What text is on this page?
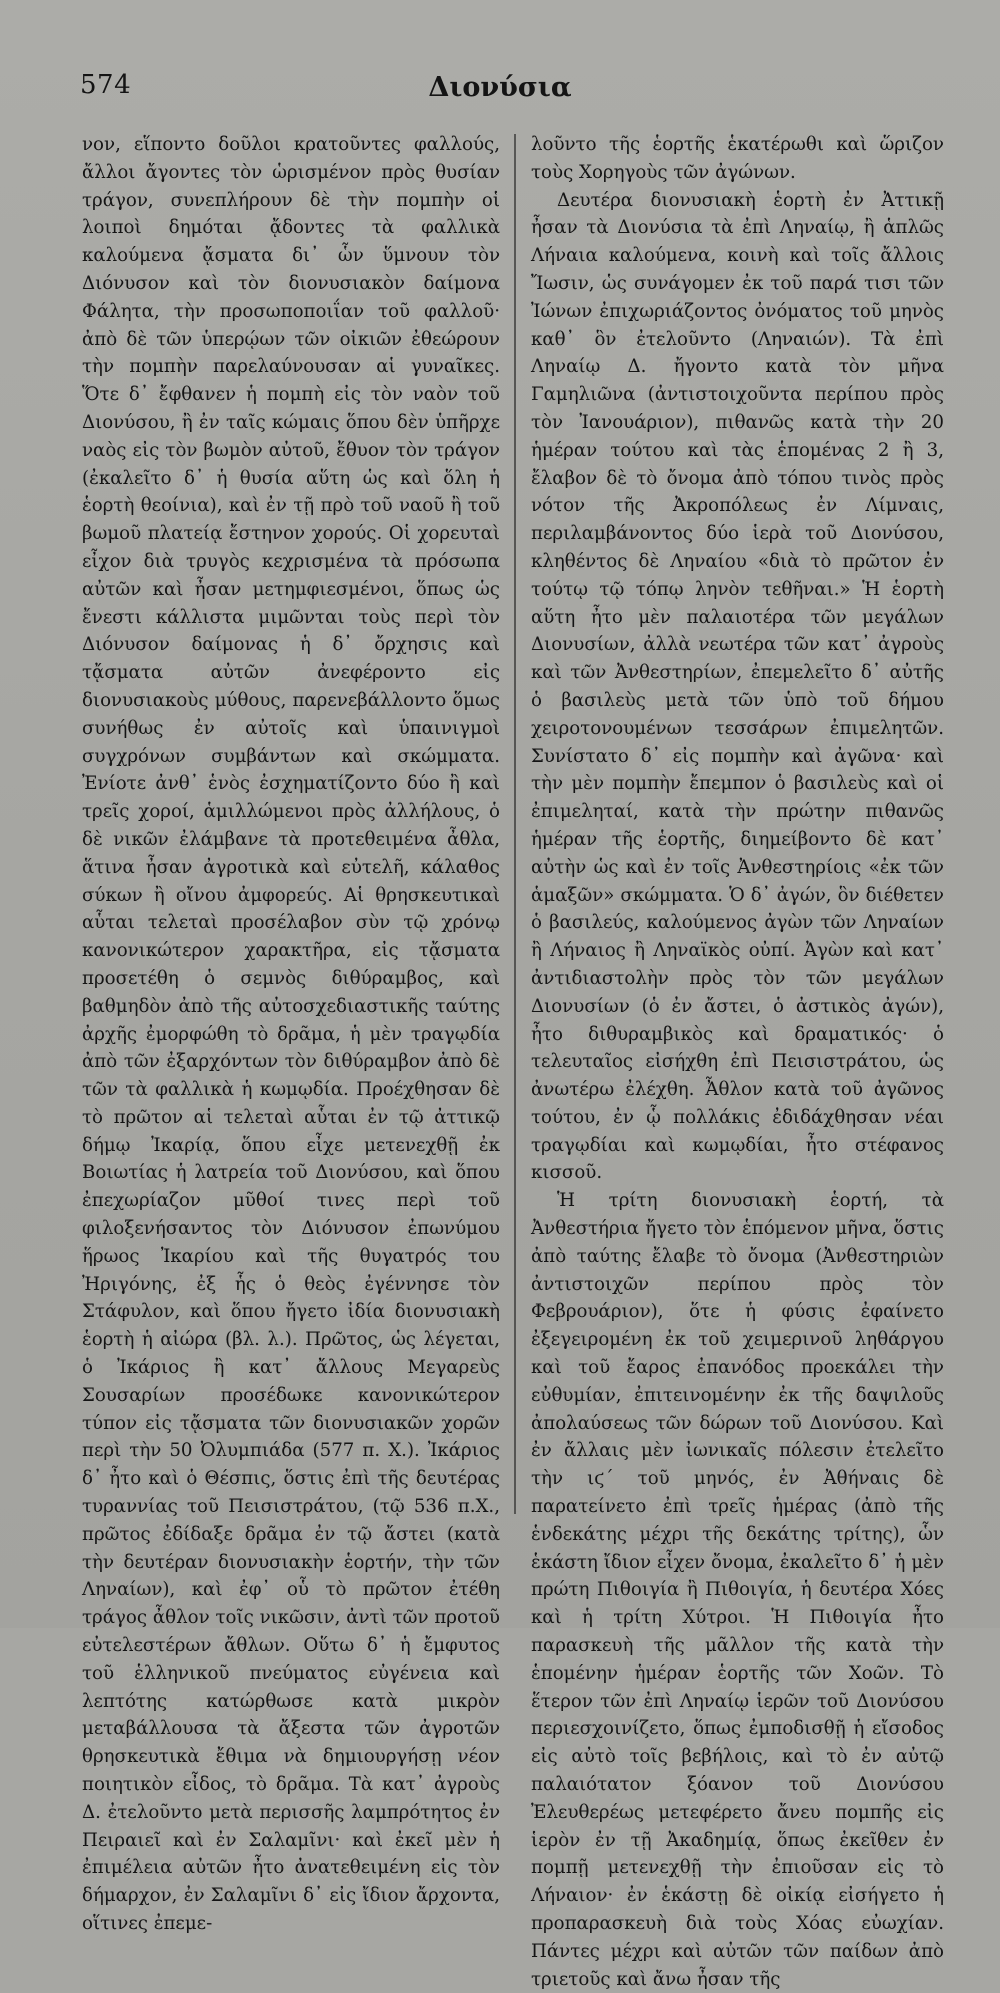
574	Διονύσια

νον, εἵποντο δοῦλοι κρατοῦντες φαλλούς, ἄλλοι ἄγοντες τὸν ὡρισμένον πρὸς θυσίαν τράγον, συνεπλήρουν δὲ τὴν πομπὴν οἱ λοιποὶ δημόται ᾄδοντες τὰ φαλλικὰ καλούμενα ᾄσματα δι᾽ ὧν ὕμνουν τὸν Διόνυσον καὶ τὸν διονυσιακὸν δαίμονα Φάλητα, τὴν προσωποποιΐαν τοῦ φαλλοῦ· ἀπὸ δὲ τῶν ὑπερῴων τῶν οἰκιῶν ἐθεώρουν τὴν πομπὴν παρελαύνουσαν αἱ γυναῖκες. Ὅτε δ᾽ ἔφθανεν ἡ πομπὴ εἰς τὸν ναὸν τοῦ Διονύσου, ἢ ἐν ταῖς κώμαις ὅπου δὲν ὑπῆρχε ναὸς εἰς τὸν βωμὸν αὐτοῦ, ἔθυον τὸν τράγον (ἐκαλεῖτο δ᾽ ἡ θυσία αὕτη ὡς καὶ ὅλη ἡ ἑορτὴ θεοίνια), καὶ ἐν τῇ πρὸ τοῦ ναοῦ ἢ τοῦ βωμοῦ πλατείᾳ ἔστηνον χορούς. Οἱ χορευταὶ εἶχον διὰ τρυγὸς κεχρισμένα τὰ πρόσωπα αὐτῶν καὶ ἦσαν μετημφιεσμένοι, ὅπως ὡς ἔνεστι κάλλιστα μιμῶνται τοὺς περὶ τὸν Διόνυσον δαίμονας ἡ δ᾽ ὄρχησις καὶ τᾄσματα αὐτῶν ἀνεφέροντο εἰς διονυσιακοὺς μύθους, παρενεβάλλοντο ὅμως συνήθως ἐν αὐτοῖς καὶ ὑπαινιγμοὶ συγχρόνων συμβάντων καὶ σκώμματα. Ἐνίοτε ἀνθ᾽ ἑνὸς ἐσχηματίζοντο δύο ἢ καὶ τρεῖς χοροί, ἁμιλλώμενοι πρὸς ἀλλήλους, ὁ δὲ νικῶν ἐλάμβανε τὰ προτεθειμένα ἆθλα, ἅτινα ἦσαν ἀγροτικὰ καὶ εὐτελῆ, κάλαθος σύκων ἢ οἴνου ἀμφορεύς. Αἱ θρησκευτικαὶ αὗται τελεταὶ προσέλαβον σὺν τῷ χρόνῳ κανονικώτερον χαρακτῆρα, εἰς τᾄσματα προσετέθη ὁ σεμνὸς διθύραμβος, καὶ βαθμηδὸν ἀπὸ τῆς αὐτοσχεδιαστικῆς ταύτης ἀρχῆς ἐμορφώθη τὸ δρᾶμα, ἡ μὲν τραγῳδία ἀπὸ τῶν ἐξαρχόντων τὸν διθύραμβον ἀπὸ δὲ τῶν τὰ φαλλικὰ ἡ κωμῳδία. Προέχθησαν δὲ τὸ πρῶτον αἱ τελεταὶ αὗται ἐν τῷ ἀττικῷ δήμῳ Ἰκαρίᾳ, ὅπου εἶχε μετενεχθῇ ἐκ Βοιωτίας ἡ λατρεία τοῦ Διονύσου, καὶ ὅπου ἐπεχωρίαζον μῦθοί τινες περὶ τοῦ φιλοξενήσαντος τὸν Διόνυσον ἐπωνύμου ἥρωος Ἰκαρίου καὶ τῆς θυγατρός του Ἠριγόνης, ἐξ ἧς ὁ θεὸς ἐγέννησε τὸν Στάφυλον, καὶ ὅπου ἤγετο ἰδία διονυσιακὴ ἑορτὴ ἡ αἰώρα (βλ. λ.). Πρῶτος, ὡς λέγεται, ὁ Ἰκάριος ἢ κατ᾽ ἄλλους Μεγαρεὺς Σουσαρίων προσέδωκε κανονικώτερον τύπον εἰς τᾄσματα τῶν διονυσιακῶν χορῶν περὶ τὴν 50 Ὀλυμπιάδα (577 π. Χ.). Ἰκάριος δ᾽ ἦτο καὶ ὁ Θέσπις, ὅστις ἐπὶ τῆς δευτέρας τυραννίας τοῦ Πεισιστράτου, (τῷ 536 π.Χ., πρῶτος ἐδίδαξε δρᾶμα ἐν τῷ ἄστει (κατὰ τὴν δευτέραν διονυσιακὴν ἑορτήν, τὴν τῶν Ληναίων), καὶ ἐφ᾽ οὗ τὸ πρῶτον ἐτέθη τράγος ἆθλον τοῖς νικῶσιν, ἀντὶ τῶν προτοῦ εὐτελεστέρων ἄθλων. Οὕτω δ᾽ ἡ ἔμφυτος τοῦ ἑλληνικοῦ πνεύματος εὐγένεια καὶ λεπτότης κατώρθωσε κατὰ μικρὸν μεταβάλλουσα τὰ ἄξεστα τῶν ἀγροτῶν θρησκευτικὰ ἔθιμα νὰ δημιουργήσῃ νέον ποιητικὸν εἶδος, τὸ δρᾶμα. Τὰ κατ᾽ ἀγροὺς Δ. ἐτελοῦντο μετὰ περισσῆς λαμπρότητος ἐν Πειραιεῖ καὶ ἐν Σαλαμῖνι· καὶ ἐκεῖ μὲν ἡ ἐπιμέλεια αὐτῶν ἦτο ἀνατεθειμένη εἰς τὸν δήμαρχον, ἐν Σαλαμῖνι δ᾽ εἰς ἴδιον ἄρχοντα, οἵτινες ἐπεμε-

λοῦντο τῆς ἑορτῆς ἑκατέρωθι καὶ ὥριζον τοὺς Χορηγοὺς τῶν ἀγώνων.

Δευτέρα διονυσιακὴ ἑορτὴ ἐν Ἀττικῇ ἦσαν τὰ Διονύσια τὰ ἐπὶ Ληναίῳ, ἢ ἁπλῶς Λήναια καλούμενα, κοινὴ καὶ τοῖς ἄλλοις Ἴωσιν, ὡς συνάγομεν ἐκ τοῦ παρά τισι τῶν Ἰώνων ἐπιχωριάζοντος ὀνόματος τοῦ μηνὸς καθ᾽ ὃν ἐτελοῦντο (Ληναιών). Τὰ ἐπὶ Ληναίῳ Δ. ἤγοντο κατὰ τὸν μῆνα Γαμηλιῶνα (ἀντιστοιχοῦντα περίπου πρὸς τὸν Ἰανουάριον), πιθανῶς κατὰ τὴν 20 ἡμέραν τούτου καὶ τὰς ἑπομένας 2 ἢ 3, ἔλαβον δὲ τὸ ὄνομα ἀπὸ τόπου τινὸς πρὸς νότον τῆς Ἀκροπόλεως ἐν Λίμναις, περιλαμβάνοντος δύο ἱερὰ τοῦ Διονύσου, κληθέντος δὲ Ληναίου «διὰ τὸ πρῶτον ἐν τούτῳ τῷ τόπῳ ληνὸν τεθῆναι.» Ἡ ἑορτὴ αὕτη ἦτο μὲν παλαιοτέρα τῶν μεγάλων Διονυσίων, ἀλλὰ νεωτέρα τῶν κατ᾽ ἀγροὺς καὶ τῶν Ἀνθεστηρίων, ἐπεμελεῖτο δ᾽ αὐτῆς ὁ βασιλεὺς μετὰ τῶν ὑπὸ τοῦ δήμου χειροτονουμένων τεσσάρων ἐπιμελητῶν. Συνίστατο δ᾽ εἰς πομπὴν καὶ ἀγῶνα· καὶ τὴν μὲν πομπὴν ἔπεμπον ὁ βασιλεὺς καὶ οἱ ἐπιμεληταί, κατὰ τὴν πρώτην πιθανῶς ἡμέραν τῆς ἑορτῆς, διημείβοντο δὲ κατ᾽ αὐτὴν ὡς καὶ ἐν τοῖς Ἀνθεστηρίοις «ἐκ τῶν ἁμαξῶν» σκώμματα. Ὁ δ᾽ ἀγών, ὃν διέθετεν ὁ βασιλεύς, καλούμενος ἀγὼν τῶν Ληναίων ἢ Λήναιος ἢ Ληναϊκὸς οὐπί. Ἀγὼν καὶ κατ᾽ ἀντιδιαστολὴν πρὸς τὸν τῶν μεγάλων Διονυσίων (ὁ ἐν ἄστει, ὁ ἀστικὸς ἀγών), ἦτο διθυραμβικὸς καὶ δραματικός· ὁ τελευταῖος εἰσήχθη ἐπὶ Πεισιστράτου, ὡς ἀνωτέρω ἐλέχθη. Ἆθλον κατὰ τοῦ ἀγῶνος τούτου, ἐν ᾧ πολλάκις ἐδιδάχθησαν νέαι τραγῳδίαι καὶ κωμῳδίαι, ἦτο στέφανος κισσοῦ.

Ἡ τρίτη διονυσιακὴ ἑορτή, τὰ Ἀνθεστήρια ἤγετο τὸν ἑπόμενον μῆνα, ὅστις ἀπὸ ταύτης ἔλαβε τὸ ὄνομα (Ἀνθεστηριὼν ἀντιστοιχῶν περίπου πρὸς τὸν Φεβρουάριον), ὅτε ἡ φύσις ἐφαίνετο ἐξεγειρομένη ἐκ τοῦ χειμερινοῦ ληθάργου καὶ τοῦ ἔαρος ἐπανόδος προεκάλει τὴν εὐθυμίαν, ἐπιτεινομένην ἐκ τῆς δαψιλοῦς ἀπολαύσεως τῶν δώρων τοῦ Διονύσου. Καὶ ἐν ἄλλαις μὲν ἰωνικαῖς πόλεσιν ἐτελεῖτο τὴν ιϛ´ τοῦ μηνός, ἐν Ἀθήναις δὲ παρατείνετο ἐπὶ τρεῖς ἡμέρας (ἀπὸ τῆς ἑνδεκάτης μέχρι τῆς δεκάτης τρίτης), ὧν ἑκάστη ἴδιον εἶχεν ὄνομα, ἐκαλεῖτο δ᾽ ἡ μὲν πρώτη Πιθοιγία ἢ Πιθοιγία, ἡ δευτέρα Χόες καὶ ἡ τρίτη Χύτροι. Ἡ Πιθοιγία ἦτο παρασκευὴ τῆς μᾶλλον τῆς κατὰ τὴν ἑπομένην ἡμέραν ἑορτῆς τῶν Χοῶν. Τὸ ἕτερον τῶν ἐπὶ Ληναίῳ ἱερῶν τοῦ Διονύσου περιεσχοινίζετο, ὅπως ἐμποδισθῇ ἡ εἴσοδος εἰς αὐτὸ τοῖς βεβήλοις, καὶ τὸ ἐν αὐτῷ παλαιότατον ξόανον τοῦ Διονύσου Ἐλευθερέως μετεφέρετο ἄνευ πομπῆς εἰς ἱερὸν ἐν τῇ Ἀκαδημίᾳ, ὅπως ἐκεῖθεν ἐν πομπῇ μετενεχθῇ τὴν ἐπιοῦσαν εἰς τὸ Λήναιον· ἐν ἑκάστῃ δὲ οἰκίᾳ εἰσήγετο ἡ προπαρασκευὴ διὰ τοὺς Χόας εὐωχίαν. Πάντες μέχρι καὶ αὐτῶν τῶν παίδων ἀπὸ τριετοῦς καὶ ἄνω ἦσαν τῆς
